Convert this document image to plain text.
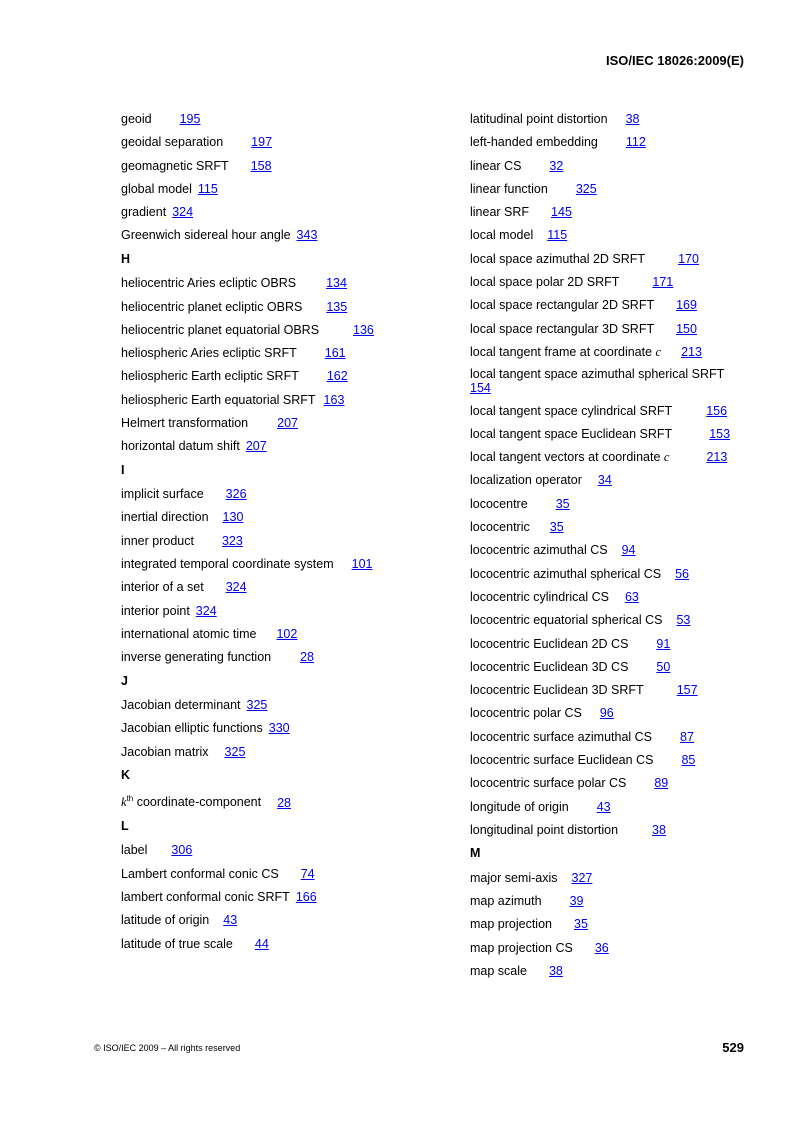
ISO/IEC 18026:2009(E)
geoid 195
geoidal separation 197
geomagnetic SRFT 158
global model 115
gradient 324
Greenwich sidereal hour angle 343
H
heliocentric Aries ecliptic OBRS 134
heliocentric planet ecliptic OBRS 135
heliocentric planet equatorial OBRS	136
heliospheric Aries ecliptic SRFT 161
heliospheric Earth ecliptic SRFT 162
heliospheric Earth equatorial SRFT 163
Helmert transformation 207
horizontal datum shift 207
I
implicit surface 326
inertial direction 130
inner product 323
integrated temporal coordinate system 101
interior of a set 324
interior point 324
international atomic time 102
inverse generating function 28
J
Jacobian determinant 325
Jacobian elliptic functions 330
Jacobian matrix 325
K
$k^{th}$ coordinate-component 28
L
label 306
Lambert conformal conic CS 74
lambert conformal conic SRFT 166
latitude of origin 43
latitude of true scale 44
latitudinal point distortion 38
left-handed embedding 112
linear CS 32
linear function 325
linear SRF 145
local model 115
local space azimuthal 2D SRFT	170
local space polar 2D SRFT	171
local space rectangular 2D SRFT 169
local space rectangular 3D SRFT 150
local tangent frame at coordinate c 213
local tangent space azimuthal spherical SRFT
154
local tangent space cylindrical SRFT	156
local tangent space Euclidean SRFT	153
local tangent vectors at coordinate c	213
localization operator 34
lococentre 35
lococentric 35
lococentric azimuthal CS 94
lococentric azimuthal spherical CS 56
lococentric cylindrical CS 63
lococentric equatorial spherical CS 53
lococentric Euclidean 2D CS 91
lococentric Euclidean 3D CS 50
lococentric Euclidean 3D SRFT	157
lococentric polar CS 96
lococentric surface azimuthal CS 87
lococentric surface Euclidean CS 85
lococentric surface polar CS 89
longitude of origin 43
longitudinal point distortion	38
M
major semi-axis 327
map azimuth 39
map projection 35
map projection CS 36
map scale 38
© ISO/IEC 2009 – All rights reserved	529
